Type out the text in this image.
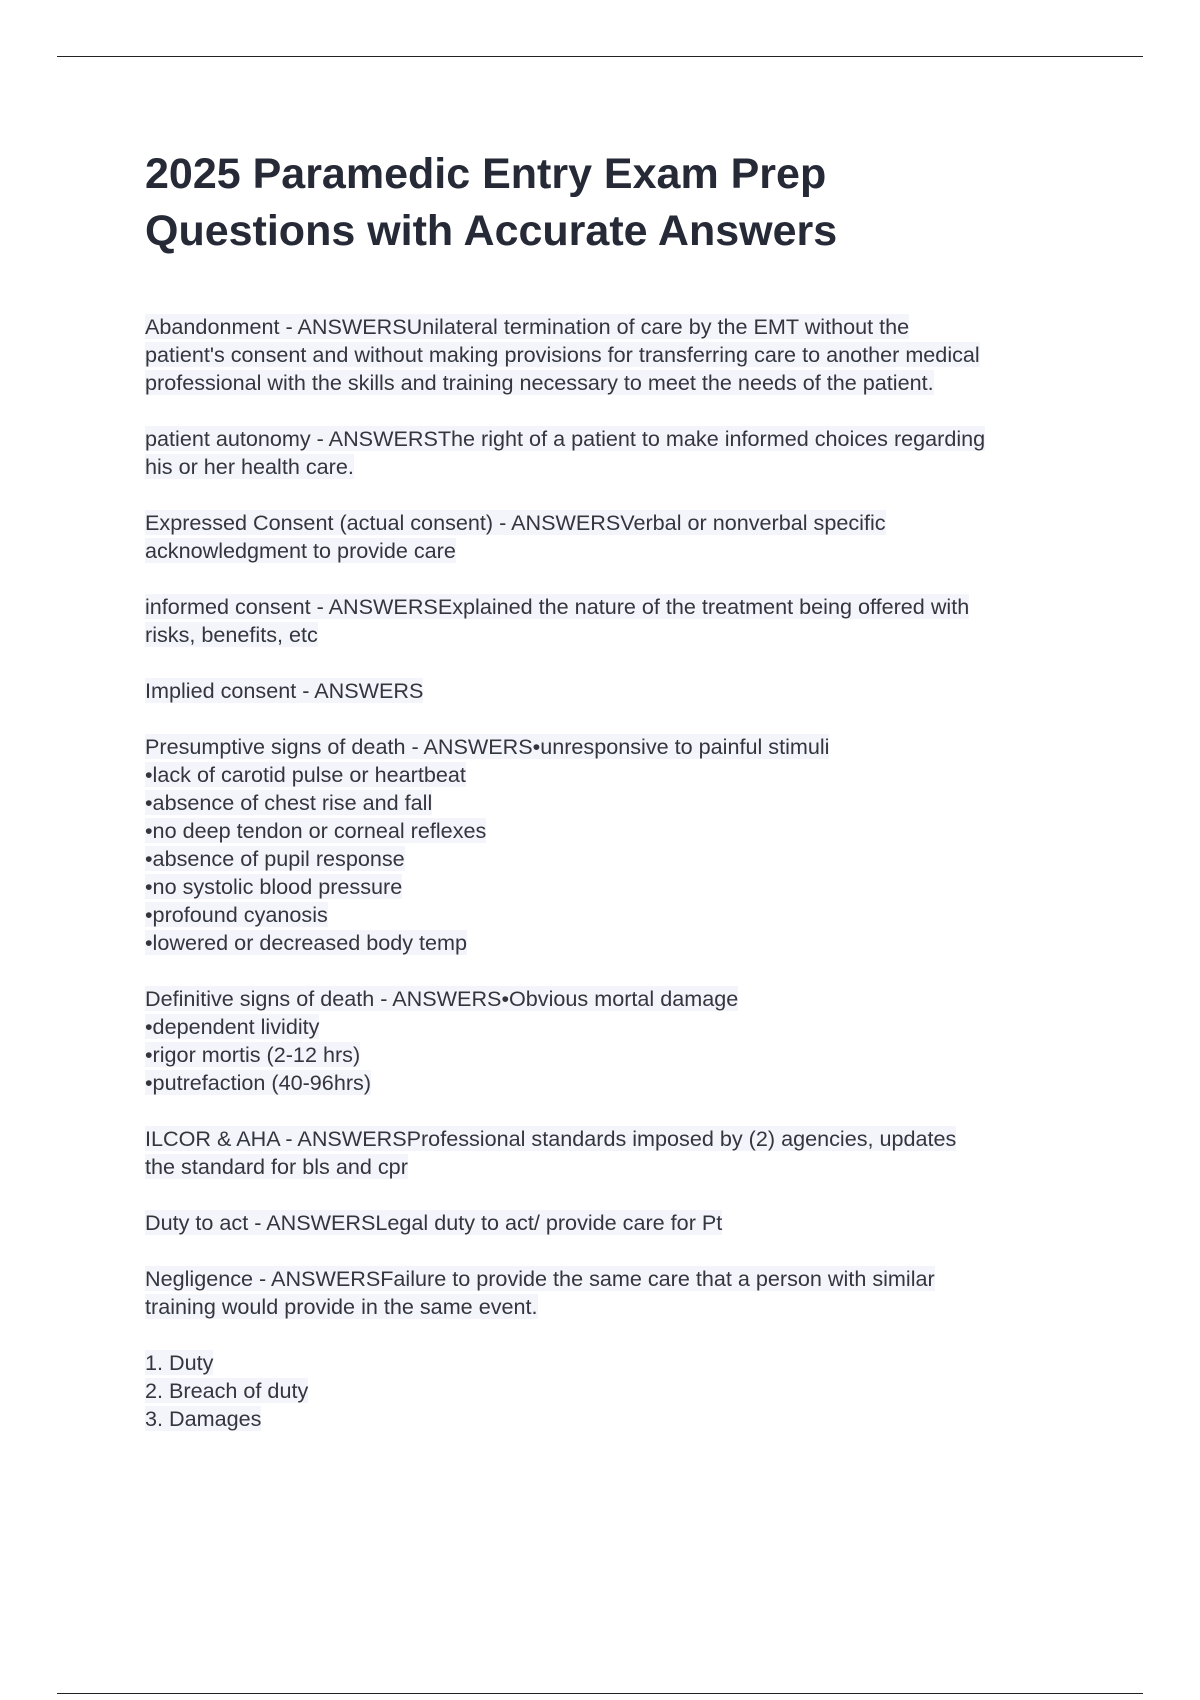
2025 Paramedic Entry Exam Prep
Questions with Accurate Answers
Abandonment - ANSWERSUnilateral termination of care by the EMT without the
patient's consent and without making provisions for transferring care to another medical
professional with the skills and training necessary to meet the needs of the patient.
patient autonomy - ANSWERSThe right of a patient to make informed choices regarding
his or her health care.
Expressed Consent (actual consent) - ANSWERSVerbal or nonverbal specific
acknowledgment to provide care
informed consent - ANSWERSExplained the nature of the treatment being offered with
risks, benefits, etc
Implied consent - ANSWERS
Presumptive signs of death - ANSWERS•unresponsive to painful stimuli
•lack of carotid pulse or heartbeat
•absence of chest rise and fall
•no deep tendon or corneal reflexes
•absence of pupil response
•no systolic blood pressure
•profound cyanosis
•lowered or decreased body temp
Definitive signs of death - ANSWERS•Obvious mortal damage
•dependent lividity
•rigor mortis (2-12 hrs)
•putrefaction (40-96hrs)
ILCOR & AHA - ANSWERSProfessional standards imposed by (2) agencies, updates
the standard for bls and cpr
Duty to act - ANSWERSLegal duty to act/ provide care for Pt
Negligence - ANSWERSFailure to provide the same care that a person with similar
training would provide in the same event.
1. Duty
2. Breach of duty
3. Damages
